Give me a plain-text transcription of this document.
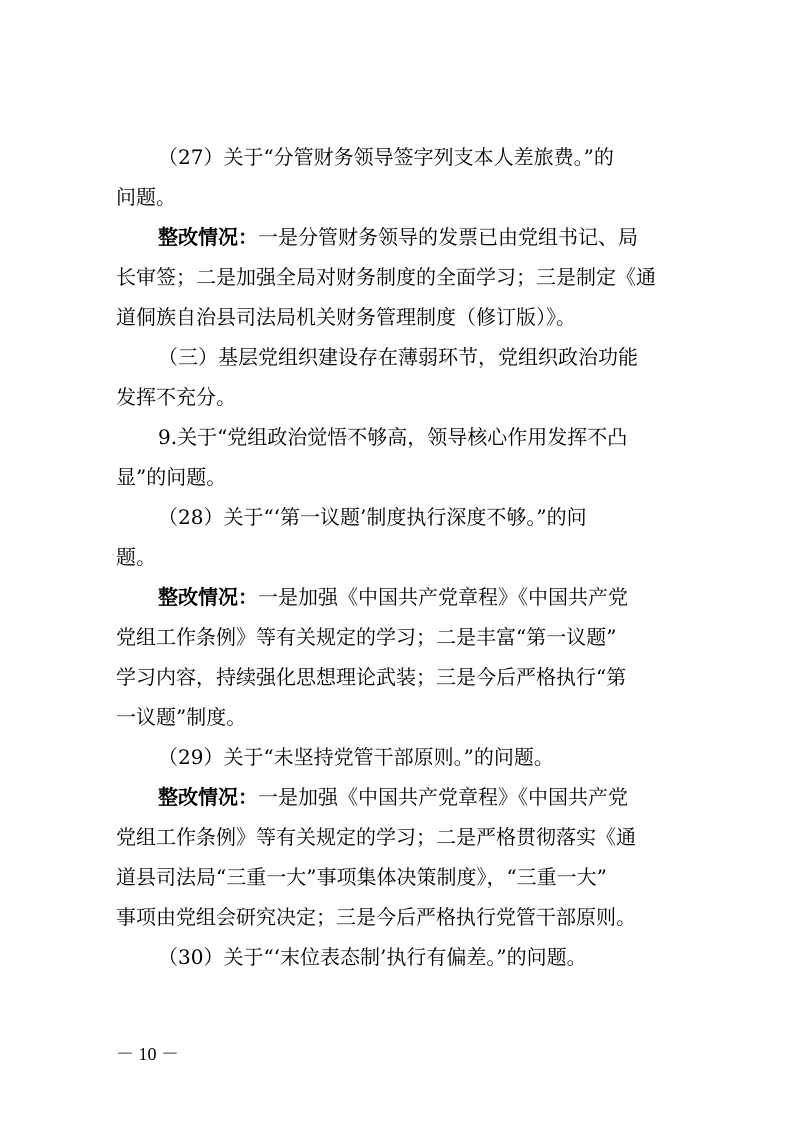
（27）关于“分管财务领导签字列支本人差旅费。”的
问题。
整改情况：一是分管财务领导的发票已由党组书记、局
长审签；二是加强全局对财务制度的全面学习；三是制定《通
道侗族自治县司法局机关财务管理制度（修订版）》。
（三）基层党组织建设存在薄弱环节，党组织政治功能
发挥不充分。
9.关于“党组政治觉悟不够高，领导核心作用发挥不凸
显”的问题。
（28）关于“‘第一议题’制度执行深度不够。”的问
题。
整改情况：一是加强《中国共产党章程》《中国共产党
党组工作条例》等有关规定的学习；二是丰富“第一议题”
学习内容，持续强化思想理论武装；三是今后严格执行“第
一议题”制度。
（29）关于“未坚持党管干部原则。”的问题。
整改情况：一是加强《中国共产党章程》《中国共产党
党组工作条例》等有关规定的学习；二是严格贯彻落实《通
道县司法局“三重一大”事项集体决策制度》，“三重一大”
事项由党组会研究决定；三是今后严格执行党管干部原则。
（30）关于“‘末位表态制’执行有偏差。”的问题。
－ 10 －
